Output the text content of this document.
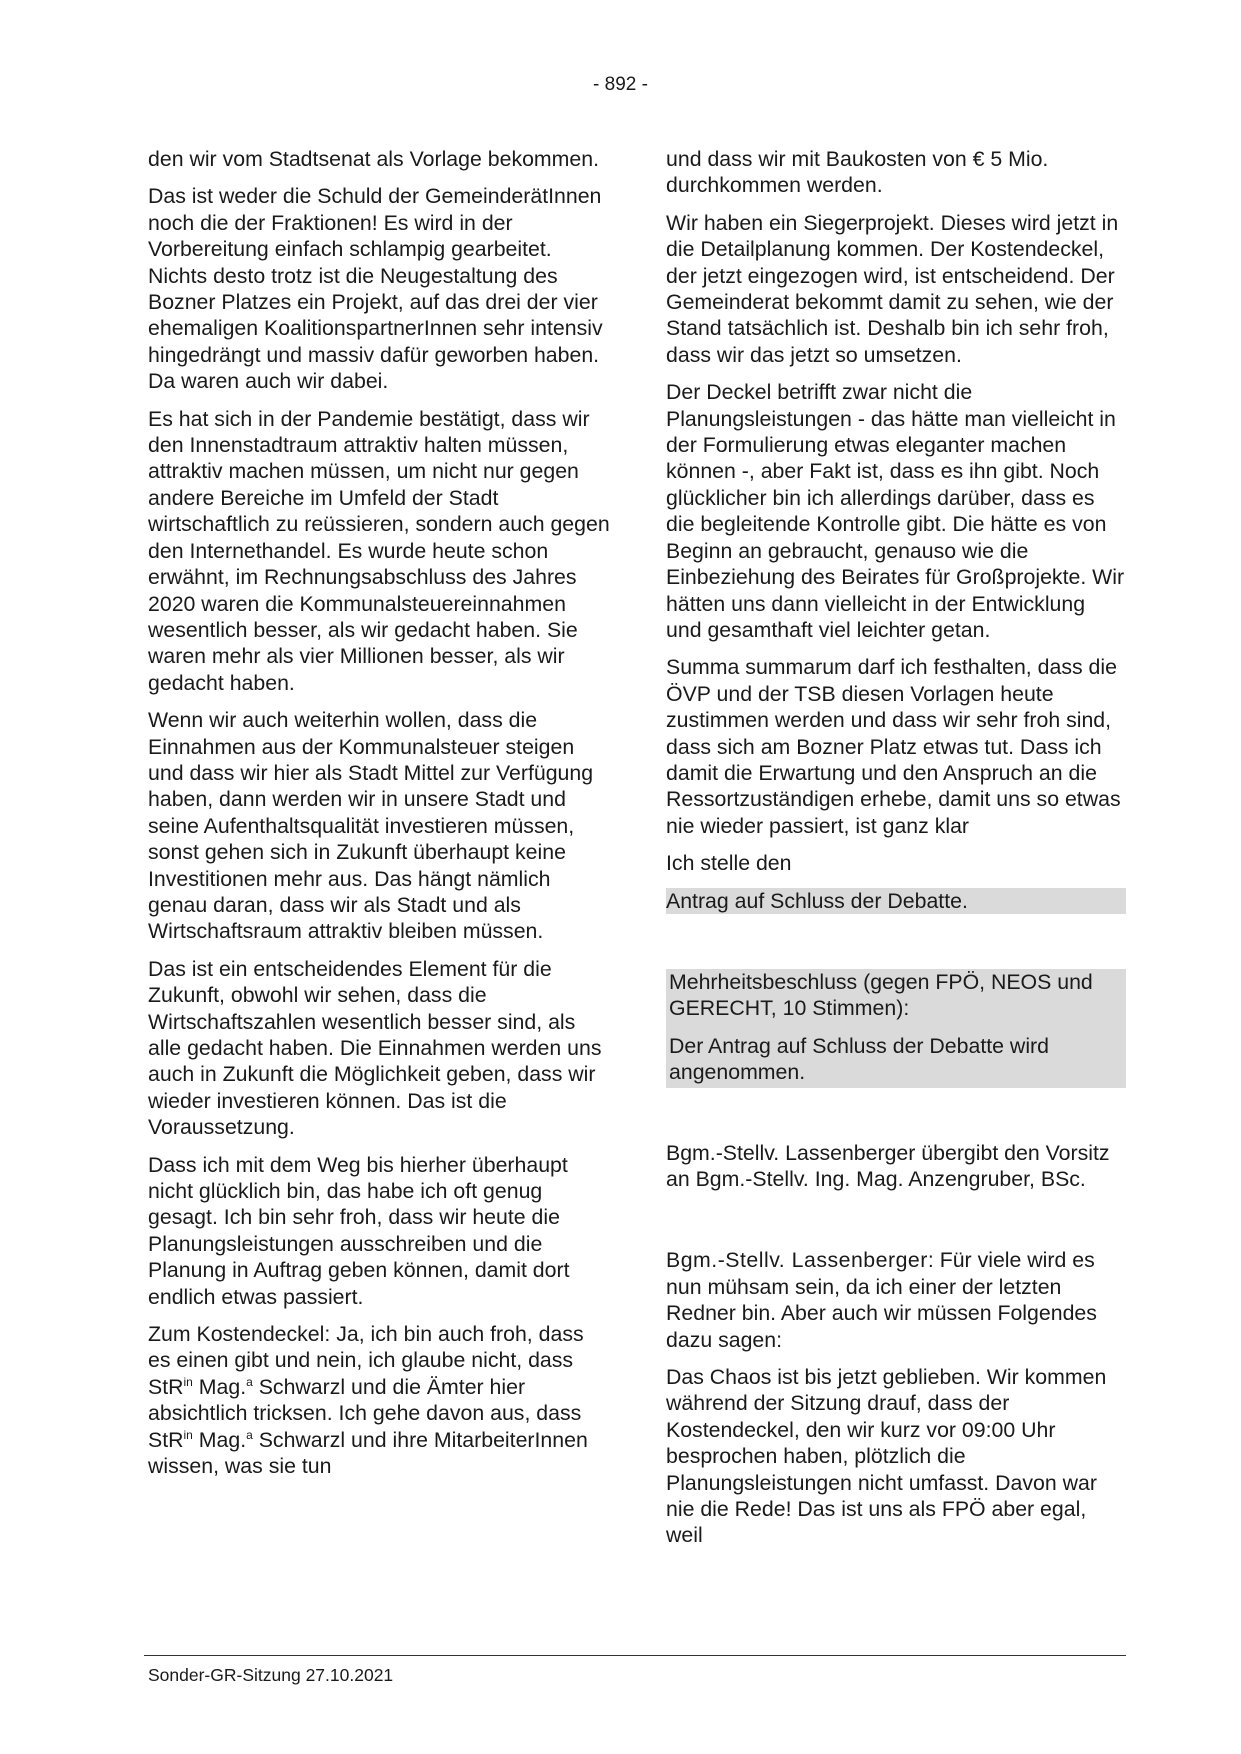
- 892 -

den wir vom Stadtsenat als Vorlage bekommen.

Das ist weder die Schuld der GemeinderätInnen noch die der Fraktionen! Es wird in der Vorbereitung einfach schlampig gearbeitet. Nichts desto trotz ist die Neugestaltung des Bozner Platzes ein Projekt, auf das drei der vier ehemaligen KoalitionspartnerInnen sehr intensiv hingedrängt und massiv dafür geworben haben. Da waren auch wir dabei.

Es hat sich in der Pandemie bestätigt, dass wir den Innenstadtraum attraktiv halten müssen, attraktiv machen müssen, um nicht nur gegen andere Bereiche im Umfeld der Stadt wirtschaftlich zu reüssieren, sondern auch gegen den Internethandel. Es wurde heute schon erwähnt, im Rechnungsabschluss des Jahres 2020 waren die Kommunalsteuereinnahmen wesentlich besser, als wir gedacht haben. Sie waren mehr als vier Millionen besser, als wir gedacht haben.

Wenn wir auch weiterhin wollen, dass die Einnahmen aus der Kommunalsteuer steigen und dass wir hier als Stadt Mittel zur Verfügung haben, dann werden wir in unsere Stadt und seine Aufenthaltsqualität investieren müssen, sonst gehen sich in Zukunft überhaupt keine Investitionen mehr aus. Das hängt nämlich genau daran, dass wir als Stadt und als Wirtschaftsraum attraktiv bleiben müssen.

Das ist ein entscheidendes Element für die Zukunft, obwohl wir sehen, dass die Wirtschaftszahlen wesentlich besser sind, als alle gedacht haben. Die Einnahmen werden uns auch in Zukunft die Möglichkeit geben, dass wir wieder investieren können. Das ist die Voraussetzung.

Dass ich mit dem Weg bis hierher überhaupt nicht glücklich bin, das habe ich oft genug gesagt. Ich bin sehr froh, dass wir heute die Planungsleistungen ausschreiben und die Planung in Auftrag geben können, damit dort endlich etwas passiert.

Zum Kostendeckel: Ja, ich bin auch froh, dass es einen gibt und nein, ich glaube nicht, dass StR$^{in}$ Mag.$^a$ Schwarzl und die Ämter hier absichtlich tricksen. Ich gehe davon aus, dass StR$^{in}$ Mag.$^a$ Schwarzl und ihre MitarbeiterInnen wissen, was sie tun

und dass wir mit Baukosten von € 5 Mio. durchkommen werden.

Wir haben ein Siegerprojekt. Dieses wird jetzt in die Detailplanung kommen. Der Kostendeckel, der jetzt eingezogen wird, ist entscheidend. Der Gemeinderat bekommt damit zu sehen, wie der Stand tatsächlich ist. Deshalb bin ich sehr froh, dass wir das jetzt so umsetzen.

Der Deckel betrifft zwar nicht die Planungsleistungen - das hätte man vielleicht in der Formulierung etwas eleganter machen können -, aber Fakt ist, dass es ihn gibt. Noch glücklicher bin ich allerdings darüber, dass es die begleitende Kontrolle gibt. Die hätte es von Beginn an gebraucht, genauso wie die Einbeziehung des Beirates für Großprojekte. Wir hätten uns dann vielleicht in der Entwicklung und gesamthaft viel leichter getan.

Summa summarum darf ich festhalten, dass die ÖVP und der TSB diesen Vorlagen heute zustimmen werden und dass wir sehr froh sind, dass sich am Bozner Platz etwas tut. Dass ich damit die Erwartung und den Anspruch an die Ressortzuständigen erhebe, damit uns so etwas nie wieder passiert, ist ganz klar

Ich stelle den

Antrag auf Schluss der Debatte.

Mehrheitsbeschluss (gegen FPÖ, NEOS und GERECHT, 10 Stimmen):

Der Antrag auf Schluss der Debatte wird angenommen.

Bgm.-Stellv. Lassenberger übergibt den Vorsitz an Bgm.-Stellv. Ing. Mag. Anzengruber, BSc.

Bgm.-Stellv. Lassenberger: Für viele wird es nun mühsam sein, da ich einer der letzten Redner bin. Aber auch wir müssen Folgendes dazu sagen:

Das Chaos ist bis jetzt geblieben. Wir kommen während der Sitzung drauf, dass der Kostendeckel, den wir kurz vor 09:00 Uhr besprochen haben, plötzlich die Planungsleistungen nicht umfasst. Davon war nie die Rede! Das ist uns als FPÖ aber egal, weil

Sonder-GR-Sitzung 27.10.2021
